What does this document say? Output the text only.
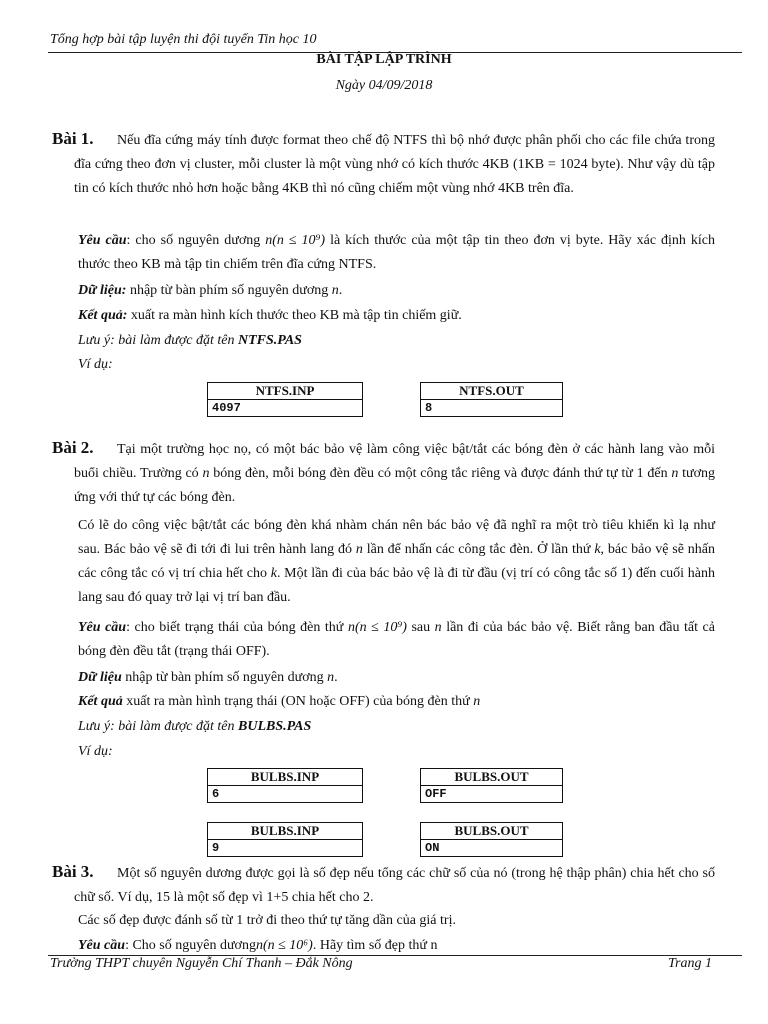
Tổng hợp bài tập luyện thi đội tuyển Tin học 10
BÀI TẬP LẬP TRÌNH
Ngày 04/09/2018
Bài 1.	Nếu đĩa cứng máy tính được format theo chế độ NTFS thì bộ nhớ được phân phối cho các file chứa trong đĩa cứng theo đơn vị cluster, mỗi cluster là một vùng nhớ có kích thước 4KB (1KB = 1024 byte). Như vậy dù tập tin có kích thước nhỏ hơn hoặc bằng 4KB thì nó cũng chiếm một vùng nhớ 4KB trên đĩa.
Yêu cầu: cho số nguyên dương n(n ≤ 10⁹) là kích thước của một tập tin theo đơn vị byte. Hãy xác định kích thước theo KB mà tập tin chiếm trên đĩa cứng NTFS.
Dữ liệu: nhập từ bàn phím số nguyên dương n.
Kết quả: xuất ra màn hình kích thước theo KB mà tập tin chiếm giữ.
Lưu ý: bài làm được đặt tên NTFS.PAS
Ví dụ:
NTFS.INP
4097
NTFS.OUT
8
Bài 2.	Tại một trường học nọ, có một bác bảo vệ làm công việc bật/tắt các bóng đèn ở các hành lang vào mỗi buổi chiều. Trường có n bóng đèn, mỗi bóng đèn đều có một công tắc riêng và được đánh thứ tự từ 1 đến n tương ứng với thứ tự các bóng đèn.
Có lẽ do công việc bật/tắt các bóng đèn khá nhàm chán nên bác bảo vệ đã nghĩ ra một trò tiêu khiển kì lạ như sau. Bác bảo vệ sẽ đi tới đi lui trên hành lang đó n lần để nhấn các công tắc đèn. Ở lần thứ k, bác bảo vệ sẽ nhấn các công tắc có vị trí chia hết cho k. Một lần đi của bác bảo vệ là đi từ đầu (vị trí có công tắc số 1) đến cuối hành lang sau đó quay trở lại vị trí ban đầu.
Yêu cầu: cho biết trạng thái của bóng đèn thứ n(n ≤ 10⁹) sau n lần đi của bác bảo vệ. Biết rằng ban đầu tất cả bóng đèn đều tắt (trạng thái OFF).
Dữ liệu nhập từ bàn phím số nguyên dương n.
Kết quả xuất ra màn hình trạng thái (ON hoặc OFF) của bóng đèn thứ n
Lưu ý: bài làm được đặt tên BULBS.PAS
Ví dụ:
BULBS.INP
6
BULBS.OUT
OFF
BULBS.INP
9
BULBS.OUT
ON
Bài 3.	Một số nguyên dương được gọi là số đẹp nếu tổng các chữ số của nó (trong hệ thập phân) chia hết cho số chữ số. Ví dụ, 15 là một số đẹp vì 1+5 chia hết cho 2.
Các số đẹp được đánh số từ 1 trở đi theo thứ tự tăng dần của giá trị.
Yêu cầu: Cho số nguyên dươngn(n ≤ 10⁶). Hãy tìm số đẹp thứ n
Trường THPT chuyên Nguyễn Chí Thanh – Đắk Nông	Trang 1
